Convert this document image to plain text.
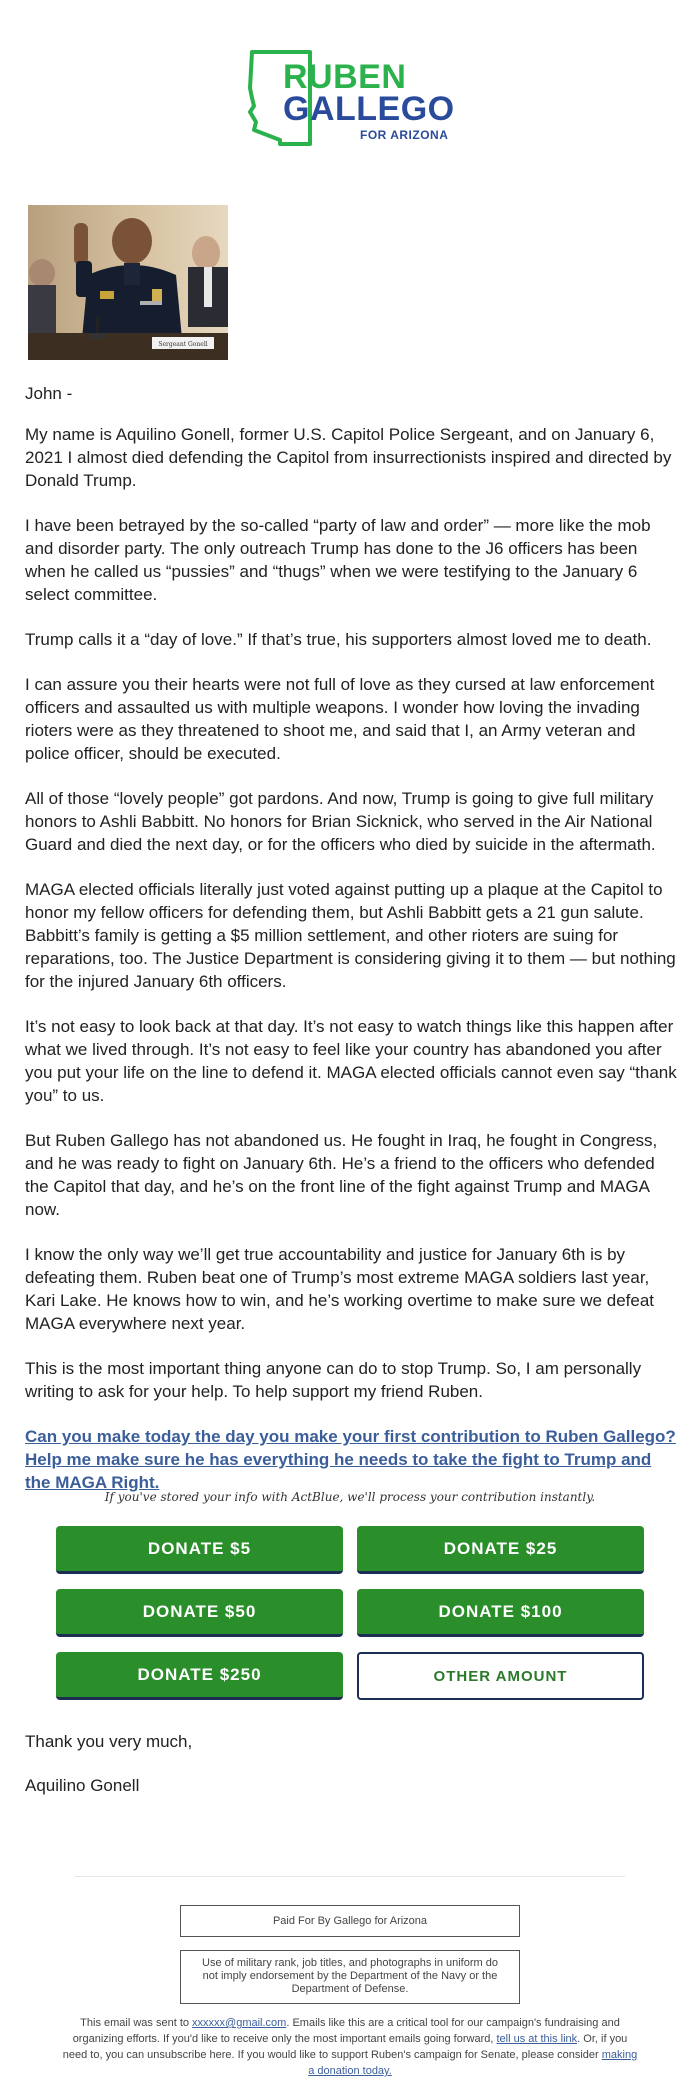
RUBEN
GALLEGO
FOR ARIZONA
Sergeant Gonell

John -

My name is Aquilino Gonell, former U.S. Capitol Police Sergeant, and on January 6, 2021 I almost died defending the Capitol from insurrectionists inspired and directed by Donald Trump.

I have been betrayed by the so-called “party of law and order” — more like the mob and disorder party. The only outreach Trump has done to the J6 officers has been when he called us “pussies” and “thugs” when we were testifying to the January 6 select committee.

Trump calls it a “day of love.” If that’s true, his supporters almost loved me to death.

I can assure you their hearts were not full of love as they cursed at law enforcement officers and assaulted us with multiple weapons. I wonder how loving the invading rioters were as they threatened to shoot me, and said that I, an Army veteran and police officer, should be executed.

All of those “lovely people” got pardons. And now, Trump is going to give full military honors to Ashli Babbitt. No honors for Brian Sicknick, who served in the Air National Guard and died the next day, or for the officers who died by suicide in the aftermath.

MAGA elected officials literally just voted against putting up a plaque at the Capitol to honor my fellow officers for defending them, but Ashli Babbitt gets a 21 gun salute. Babbitt’s family is getting a $5 million settlement, and other rioters are suing for reparations, too. The Justice Department is considering giving it to them — but nothing for the injured January 6th officers.

It’s not easy to look back at that day. It’s not easy to watch things like this happen after what we lived through. It’s not easy to feel like your country has abandoned you after you put your life on the line to defend it. MAGA elected officials cannot even say “thank you” to us.

But Ruben Gallego has not abandoned us. He fought in Iraq, he fought in Congress, and he was ready to fight on January 6th. He’s a friend to the officers who defended the Capitol that day, and he’s on the front line of the fight against Trump and MAGA now.

I know the only way we’ll get true accountability and justice for January 6th is by defeating them. Ruben beat one of Trump’s most extreme MAGA soldiers last year, Kari Lake. He knows how to win, and he’s working overtime to make sure we defeat MAGA everywhere next year.

This is the most important thing anyone can do to stop Trump. So, I am personally writing to ask for your help. To help support my friend Ruben.

Can you make today the day you make your first contribution to Ruben Gallego? Help me make sure he has everything he needs to take the fight to Trump and the MAGA Right.
If you've stored your info with ActBlue, we'll process your contribution instantly.
DONATE $5	DONATE $25
DONATE $50	DONATE $100
DONATE $250	OTHER AMOUNT
Thank you very much,
Aquilino Gonell
Paid For By Gallego for Arizona
Use of military rank, job titles, and photographs in uniform do not imply endorsement by the Department of the Navy or the Department of Defense.
This email was sent to xxxxxx@gmail.com. Emails like this are a critical tool for our campaign's fundraising and organizing efforts. If you'd like to receive only the most important emails going forward, tell us at this link. Or, if you need to, you can unsubscribe here. If you would like to support Ruben's campaign for Senate, please consider making a donation today.
